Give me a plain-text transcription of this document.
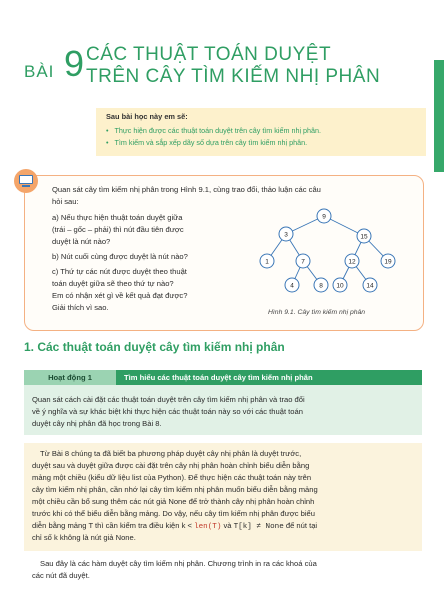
BÀI 9 CÁC THUẬT TOÁN DUYỆT
TRÊN CÂY TÌM KIẾM NHỊ PHÂN
Sau bài học này em sẽ:
• Thực hiện được các thuật toán duyệt trên cây tìm kiếm nhị phân.
• Tìm kiếm và sắp xếp dãy số dựa trên cây tìm kiếm nhị phân.
Quan sát cây tìm kiếm nhị phân trong Hình 9.1, cùng trao đổi, thảo luận các câu
hỏi sau:
a) Nếu thực hiện thuật toán duyệt giữa
(trái – gốc – phải) thì nút đầu tiên được
duyệt là nút nào?
b) Nút cuối cùng được duyệt là nút nào?
c) Thứ tự các nút được duyệt theo thuật
toán duyệt giữa sẽ theo thứ tự nào?
Em có nhận xét gì về kết quả đạt được?
Giải thích vì sao.
9
3	15
1	7	12	19
4	8 10	14
Hình 9.1. Cây tìm kiếm nhị phân
1. Các thuật toán duyệt cây tìm kiếm nhị phân
Hoạt động 1	Tìm hiểu các thuật toán duyệt cây tìm kiếm nhị phân
Quan sát cách cài đặt các thuật toán duyệt trên cây tìm kiếm nhị phân và trao đổi
về ý nghĩa và sự khác biệt khi thực hiện các thuật toán này so với các thuật toán
duyệt cây nhị phân đã học trong Bài 8.
Từ Bài 8 chúng ta đã biết ba phương pháp duyệt cây nhị phân là duyệt trước,
duyệt sau và duyệt giữa được cài đặt trên cây nhị phân hoàn chỉnh biểu diễn bằng
mảng một chiều (kiểu dữ liệu list của Python). Để thực hiện các thuật toán này trên
cây tìm kiếm nhị phân, cần nhớ lại cây tìm kiếm nhị phân muốn biểu diễn bằng mảng
một chiều cần bổ sung thêm các nút giả None để trở thành cây nhị phân hoàn chỉnh
trước khi có thể biểu diễn bằng mảng. Do vậy, nếu cây tìm kiếm nhị phân được biểu
diễn bằng mảng T thì cần kiểm tra điều kiện k < len(T) và T[k] ≠ None để nút tại
chỉ số k không là nút giả None.
Sau đây là các hàm duyệt cây tìm kiếm nhị phân. Chương trình in ra các khoá của
các nút đã duyệt.
